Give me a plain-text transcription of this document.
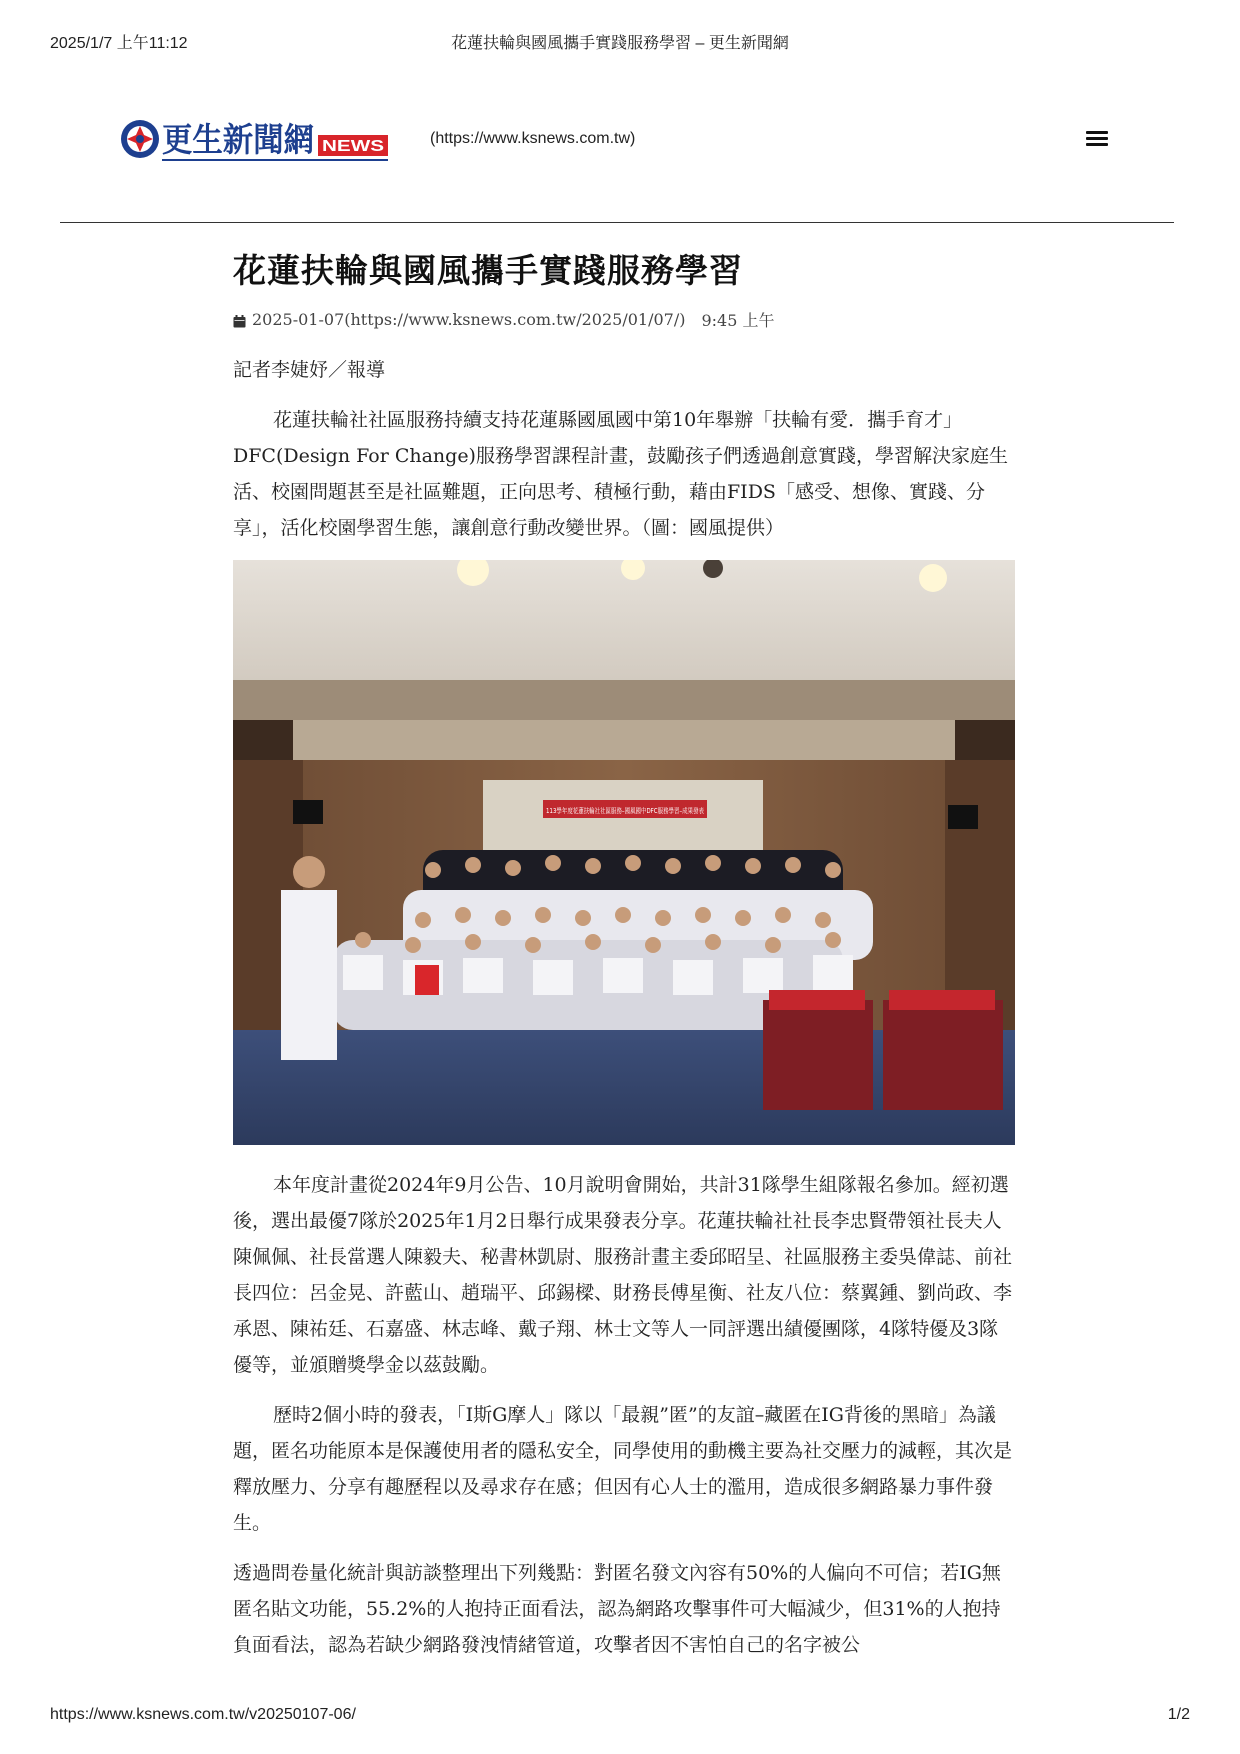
2025/1/7 上午11:12	花蓮扶輪與國風攜手實踐服務學習 – 更生新聞網
更生新聞網 NEWS	(https://www.ksnews.com.tw)
花蓮扶輪與國風攜手實踐服務學習
2025-01-07(https://www.ksnews.com.tw/2025/01/07/) 9:45 上午
記者李婕妤／報導

花蓮扶輪社社區服務持續支持花蓮縣國風國中第10年舉辦「扶輪有愛．攜手育才」DFC(Design For Change)服務學習課程計畫，鼓勵孩子們透過創意實踐，學習解決家庭生活、校園問題甚至是社區難題，正向思考、積極行動，藉由FIDS「感受、想像、實踐、分享」，活化校園學習生態，讓創意行動改變世界。（圖：國風提供）

113學年度花蓮扶輪社社區服務–國風國中DFC服務學習–成果發表

本年度計畫從2024年9月公告、10月說明會開始，共計31隊學生組隊報名參加。經初選後，選出最優7隊於2025年1月2日舉行成果發表分享。花蓮扶輪社社長李忠賢帶領社長夫人陳佩佩、社長當選人陳毅夫、秘書林凱尉、服務計畫主委邱昭呈、社區服務主委吳偉誌、前社長四位：呂金晃、許藍山、趙瑞平、邱錫樑、財務長傅星衡、社友八位：蔡翼鍾、劉尚政、李承恩、陳祐廷、石嘉盛、林志峰、戴子翔、林士文等人一同評選出績優團隊，4隊特優及3隊優等，並頒贈獎學金以茲鼓勵。

歷時2個小時的發表，「I斯G摩人」隊以「最親”匿”的友誼–藏匿在IG背後的黑暗」為議題，匿名功能原本是保護使用者的隱私安全，同學使用的動機主要為社交壓力的減輕，其次是釋放壓力、分享有趣歷程以及尋求存在感；但因有心人士的濫用，造成很多網路暴力事件發生。

透過問卷量化統計與訪談整理出下列幾點：對匿名發文內容有50%的人偏向不可信；若IG無匿名貼文功能，55.2%的人抱持正面看法，認為網路攻擊事件可大幅減少，但31%的人抱持負面看法，認為若缺少網路發洩情緒管道，攻擊者因不害怕自己的名字被公

https://www.ksnews.com.tw/v20250107-06/	1/2
